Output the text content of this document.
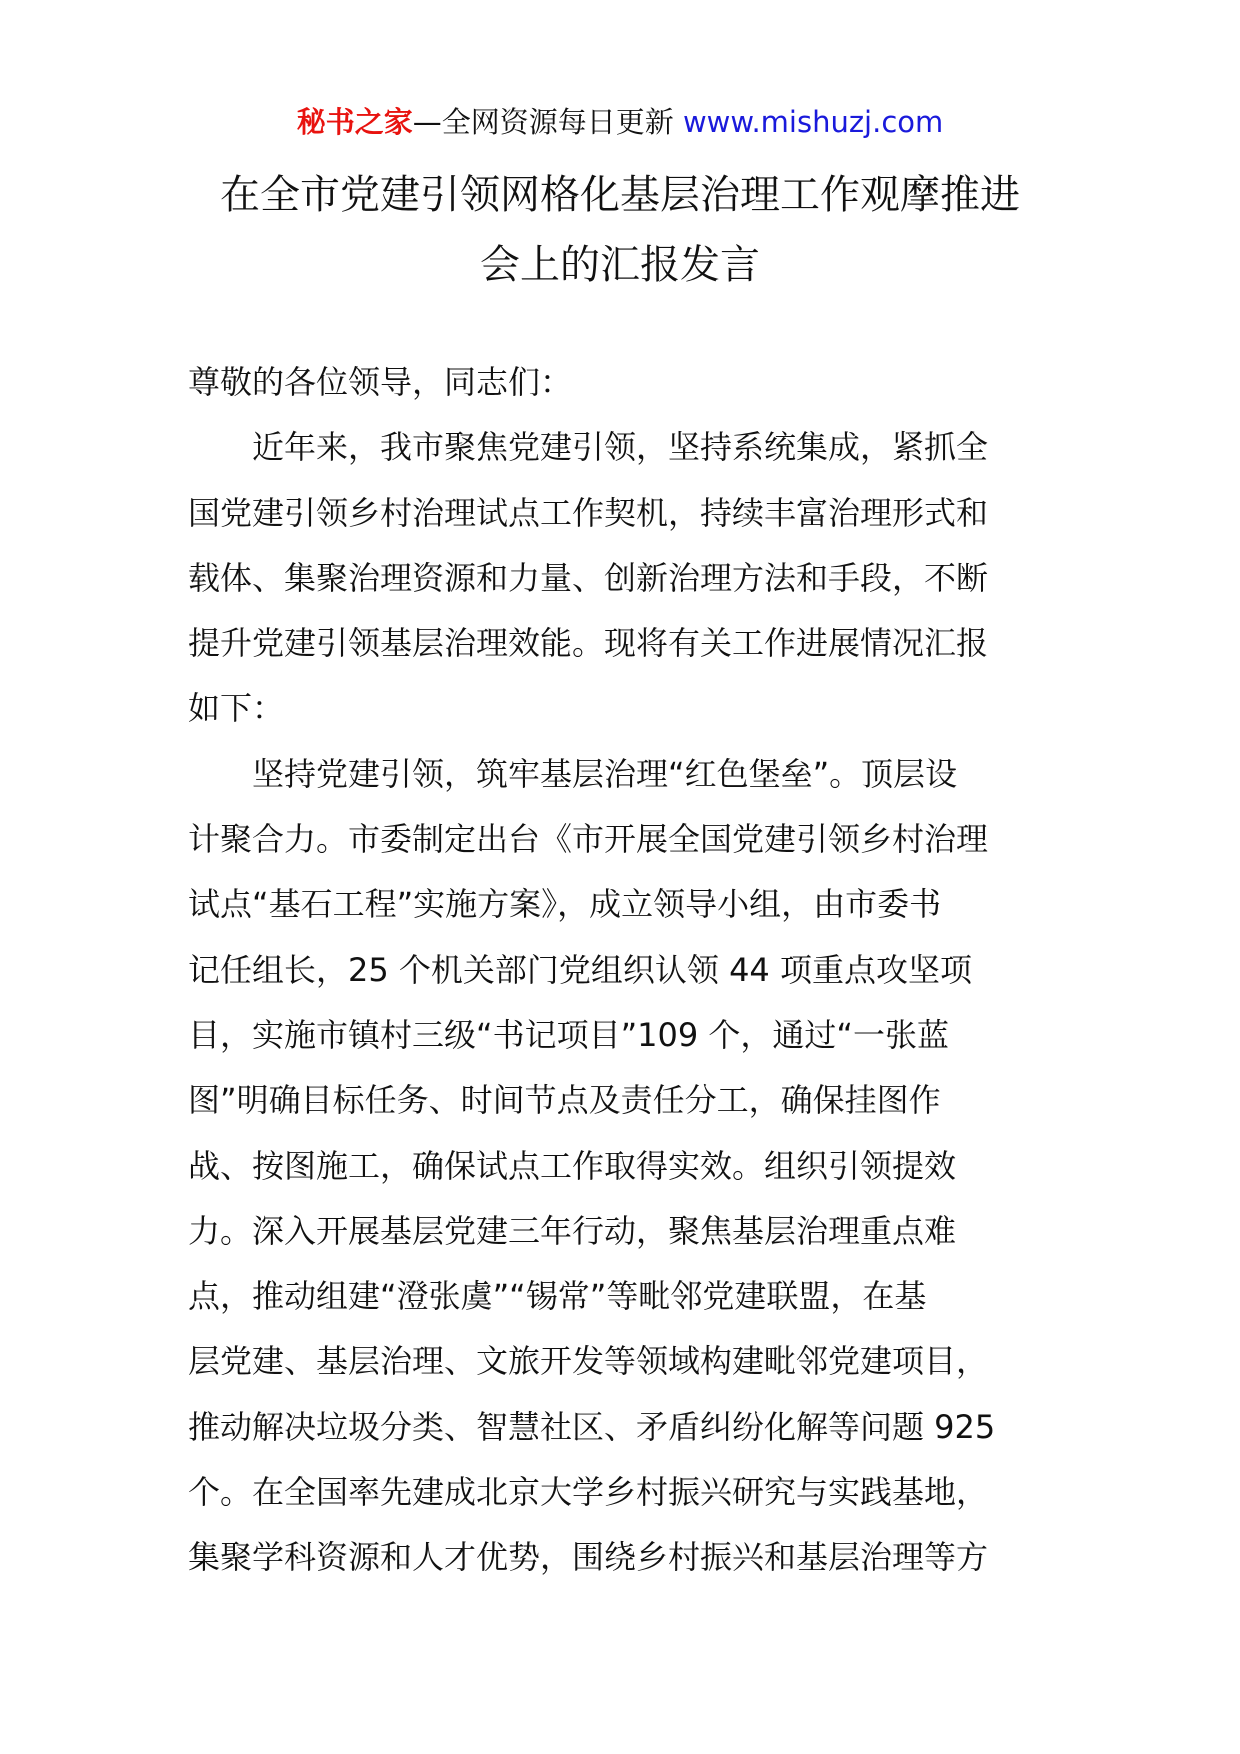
秘书之家—全网资源每日更新 www.mishuzj.com
在全市党建引领网格化基层治理工作观摩推进
会上的汇报发言
尊敬的各位领导，同志们：
近年来，我市聚焦党建引领，坚持系统集成，紧抓全
国党建引领乡村治理试点工作契机，持续丰富治理形式和
载体、集聚治理资源和力量、创新治理方法和手段，不断
提升党建引领基层治理效能。现将有关工作进展情况汇报
如下：
坚持党建引领，筑牢基层治理“红色堡垒”。顶层设
计聚合力。市委制定出台《市开展全国党建引领乡村治理
试点“基石工程”实施方案》，成立领导小组，由市委书
记任组长，25 个机关部门党组织认领 44 项重点攻坚项
目，实施市镇村三级“书记项目”109 个，通过“一张蓝
图”明确目标任务、时间节点及责任分工，确保挂图作
战、按图施工，确保试点工作取得实效。组织引领提效
力。深入开展基层党建三年行动，聚焦基层治理重点难
点，推动组建“澄张虞”“锡常”等毗邻党建联盟，在基
层党建、基层治理、文旅开发等领域构建毗邻党建项目，
推动解决垃圾分类、智慧社区、矛盾纠纷化解等问题 925
个。在全国率先建成北京大学乡村振兴研究与实践基地，
集聚学科资源和人才优势，围绕乡村振兴和基层治理等方
